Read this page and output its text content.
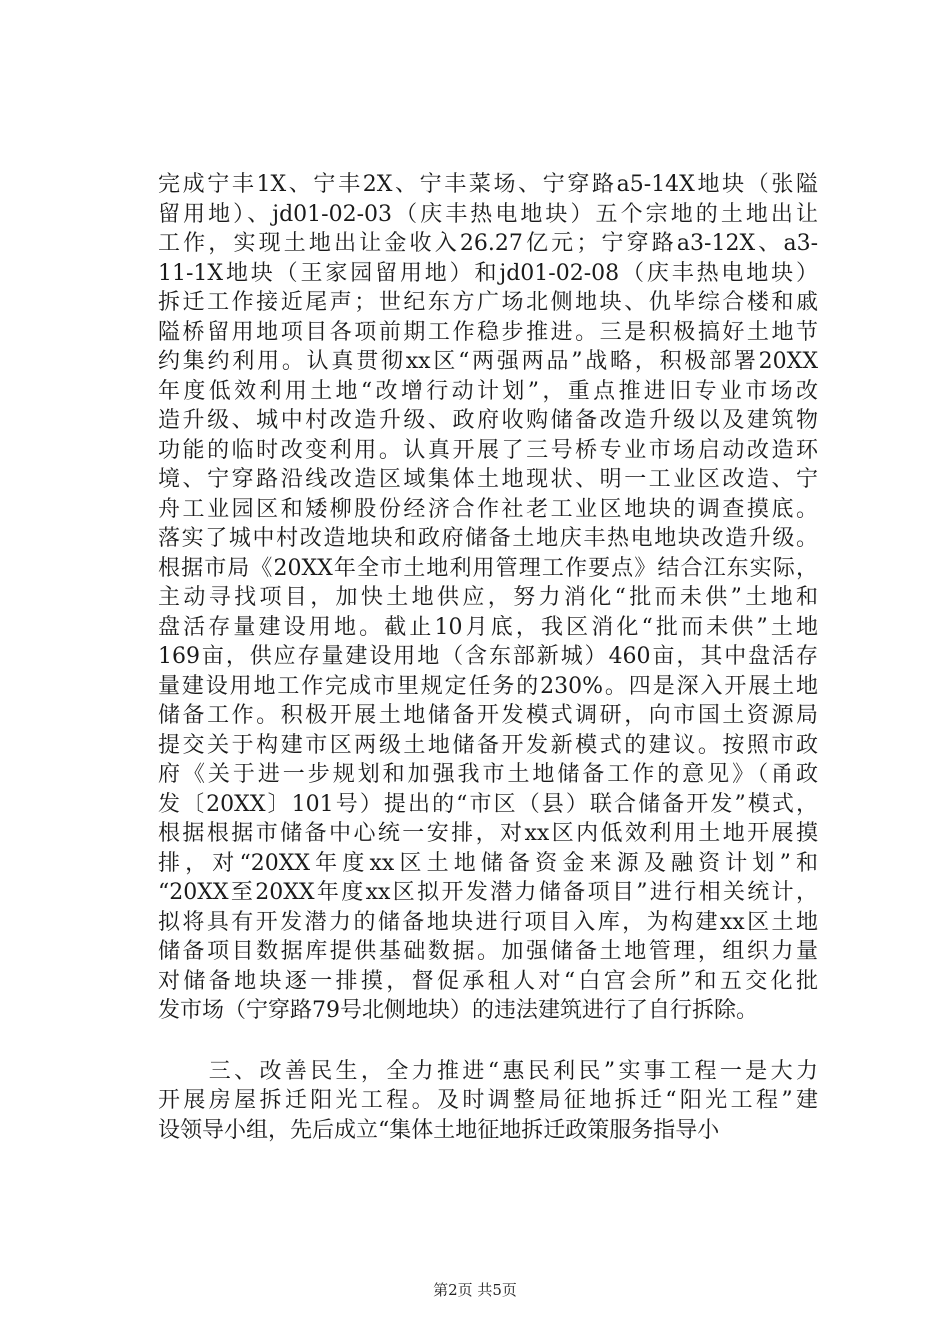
完成宁丰1X、宁丰2X、宁丰菜场、宁穿路a5-14X地块（张隘
留用地）、jd01-02-03（庆丰热电地块）五个宗地的土地出让
工作，实现土地出让金收入26.27亿元；宁穿路a3-12X、a3-
11-1X地块（王家园留用地）和jd01-02-08（庆丰热电地块）
拆迁工作接近尾声；世纪东方广场北侧地块、仇毕综合楼和戚
隘桥留用地项目各项前期工作稳步推进。三是积极搞好土地节
约集约利用。认真贯彻xx区“两强两品”战略，积极部署20XX
年度低效利用土地“改增行动计划”，重点推进旧专业市场改
造升级、城中村改造升级、政府收购储备改造升级以及建筑物
功能的临时改变利用。认真开展了三号桥专业市场启动改造环
境、宁穿路沿线改造区域集体土地现状、明一工业区改造、宁
舟工业园区和矮柳股份经济合作社老工业区地块的调查摸底。
落实了城中村改造地块和政府储备土地庆丰热电地块改造升级。
根据市局《20XX年全市土地利用管理工作要点》结合江东实际，
主动寻找项目，加快土地供应，努力消化“批而未供”土地和
盘活存量建设用地。截止10月底，我区消化“批而未供”土地
169亩，供应存量建设用地（含东部新城）460亩，其中盘活存
量建设用地工作完成市里规定任务的230%。四是深入开展土地
储备工作。积极开展土地储备开发模式调研，向市国土资源局
提交关于构建市区两级土地储备开发新模式的建议。按照市政
府《关于进一步规划和加强我市土地储备工作的意见》（甬政
发〔20XX〕101号）提出的“市区（县）联合储备开发”模式，
根据根据市储备中心统一安排，对xx区内低效利用土地开展摸
排，对“20XX年度xx区土地储备资金来源及融资计划”和
“20XX至20XX年度xx区拟开发潜力储备项目”进行相关统计，
拟将具有开发潜力的储备地块进行项目入库，为构建xx区土地
储备项目数据库提供基础数据。加强储备土地管理，组织力量
对储备地块逐一排摸，督促承租人对“白宫会所”和五交化批
发市场（宁穿路79号北侧地块）的违法建筑进行了自行拆除。

　　三、改善民生，全力推进“惠民利民”实事工程一是大力
开展房屋拆迁阳光工程。及时调整局征地拆迁“阳光工程”建
设领导小组，先后成立“集体土地征地拆迁政策服务指导小

第2页 共5页
